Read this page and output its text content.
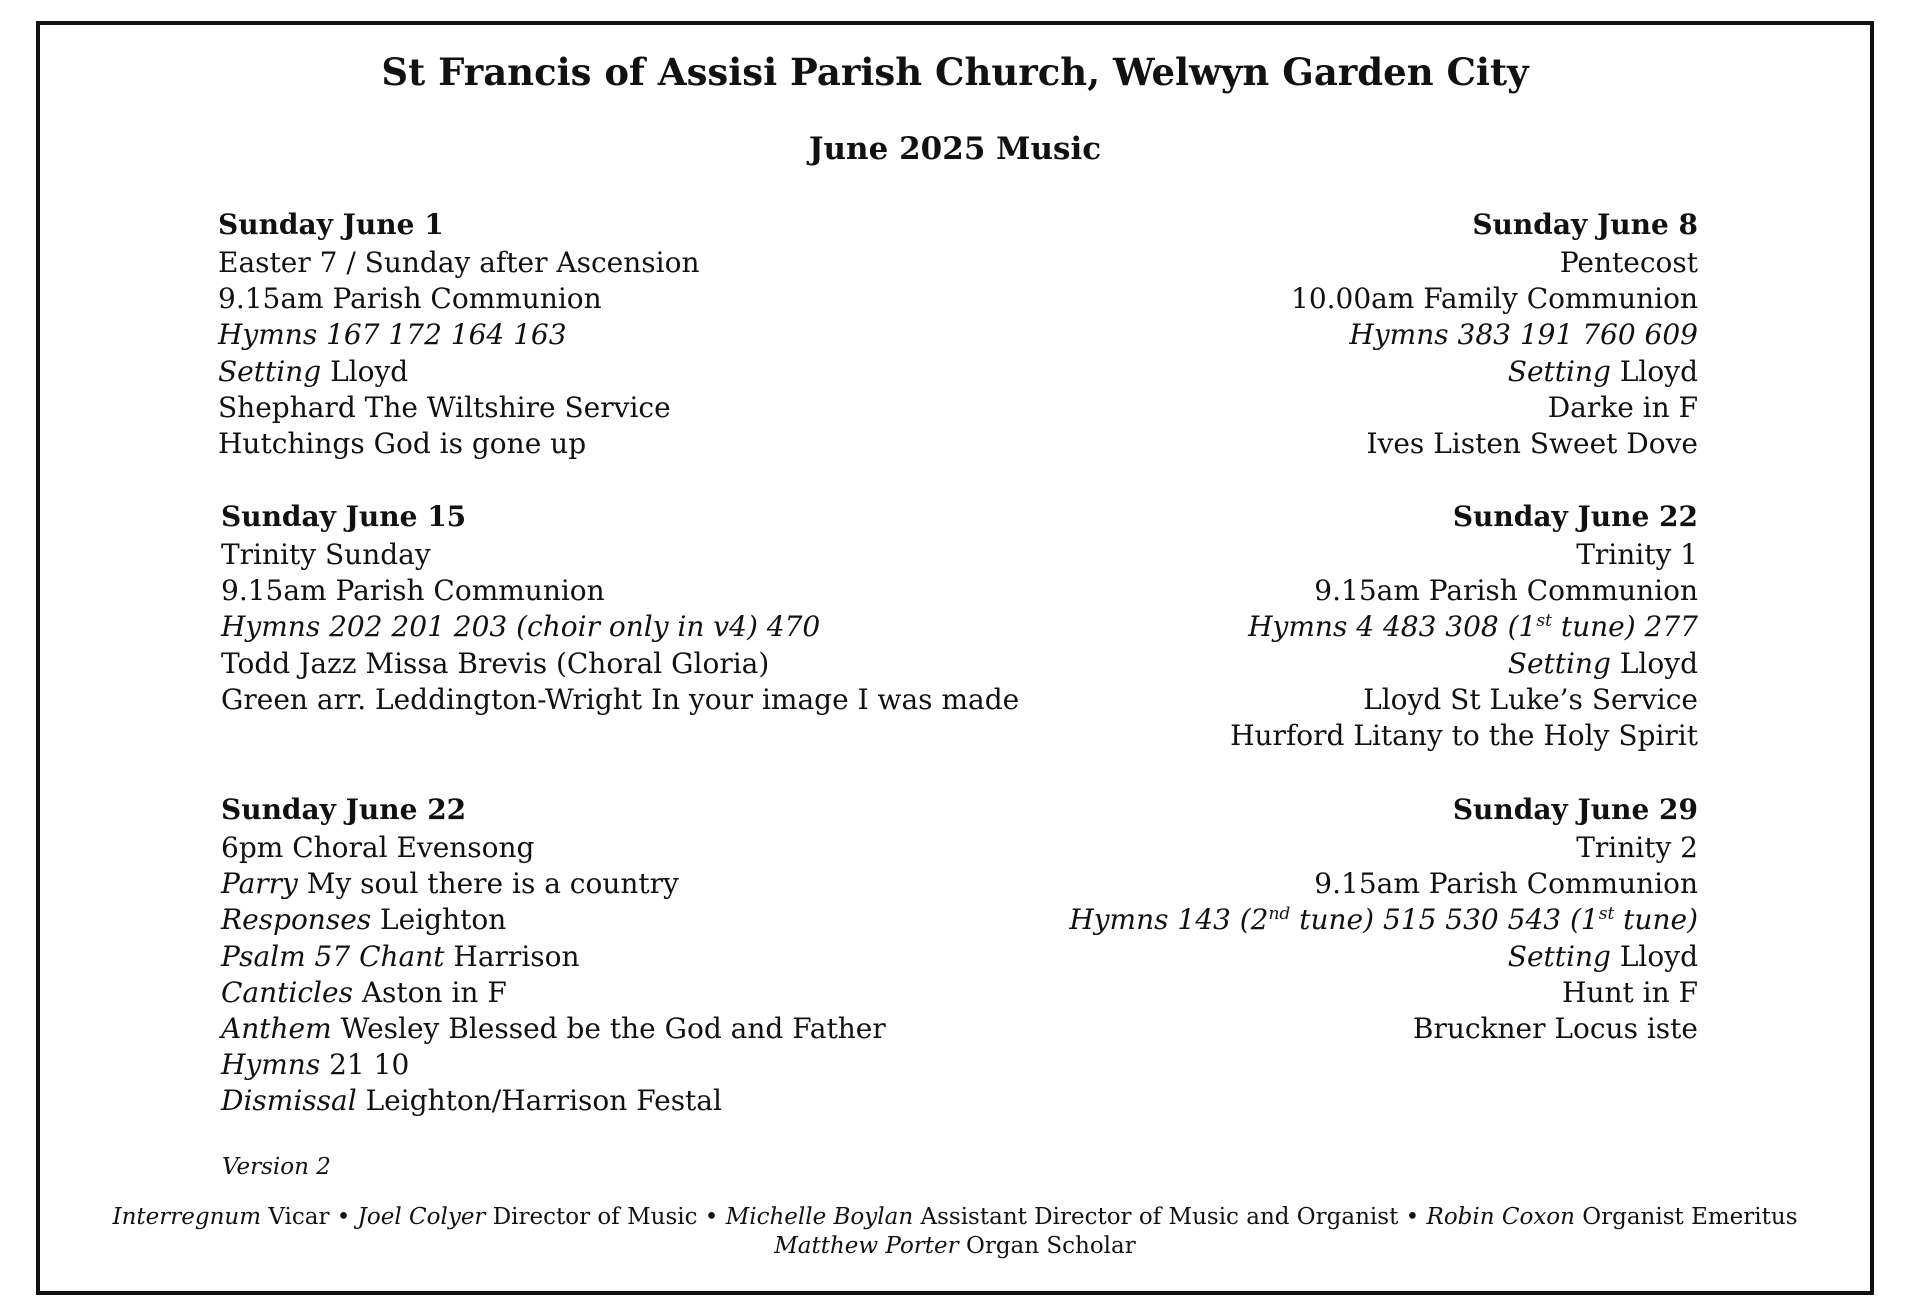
St Francis of Assisi Parish Church, Welwyn Garden City
June 2025 Music
Sunday June 1
Easter 7 / Sunday after Ascension
9.15am Parish Communion
Hymns 167 172 164 163
Setting Lloyd
Shephard The Wiltshire Service
Hutchings God is gone up
Sunday June 8
Pentecost
10.00am Family Communion
Hymns 383 191 760 609
Setting Lloyd
Darke in F
Ives Listen Sweet Dove
Sunday June 15
Trinity Sunday
9.15am Parish Communion
Hymns 202 201 203 (choir only in v4) 470
Todd Jazz Missa Brevis (Choral Gloria)
Green arr. Leddington-Wright In your image I was made
Sunday June 22
Trinity 1
9.15am Parish Communion
Hymns 4 483 308 (1st tune) 277
Setting Lloyd
Lloyd St Luke’s Service
Hurford Litany to the Holy Spirit
Sunday June 22
6pm Choral Evensong
Parry My soul there is a country
Responses Leighton
Psalm 57 Chant Harrison
Canticles Aston in F
Anthem Wesley Blessed be the God and Father
Hymns 21 10
Dismissal Leighton/Harrison Festal
Sunday June 29
Trinity 2
9.15am Parish Communion
Hymns 143 (2nd tune) 515 530 543 (1st tune)
Setting Lloyd
Hunt in F
Bruckner Locus iste
Version 2
Interregnum Vicar • Joel Colyer Director of Music • Michelle Boylan Assistant Director of Music and Organist • Robin Coxon Organist Emeritus
Matthew Porter Organ Scholar
